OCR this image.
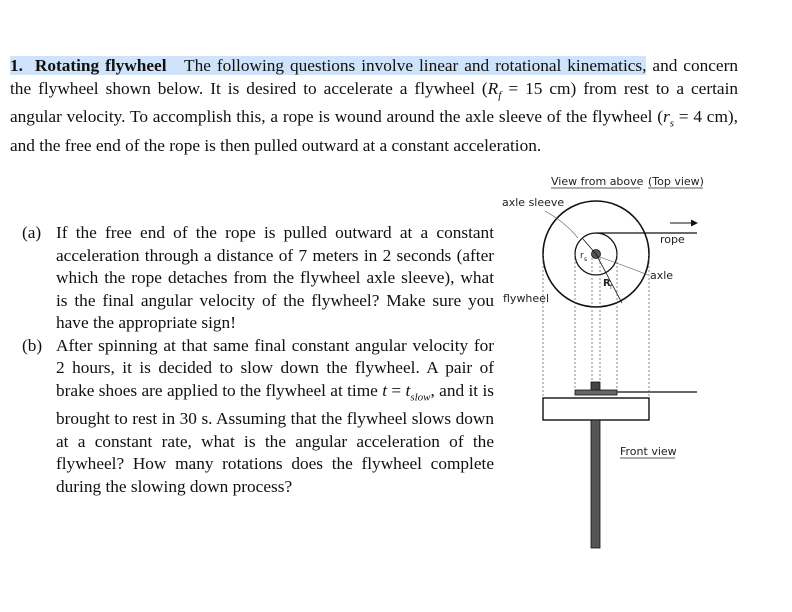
1. Rotating flywheel The following questions involve linear and rotational kinematics, and concern the flywheel shown below. It is desired to accelerate a flywheel ($R_f = 15$ cm) from rest to a certain angular velocity. To accomplish this, a rope is wound around the axle sleeve of the flywheel ($r_s = 4$ cm), and the free end of the rope is then pulled outward at a constant acceleration.
(a) If the free end of the rope is pulled outward at a constant acceleration through a distance of 7 meters in 2 seconds (after which the rope detaches from the flywheel axle sleeve), what is the final angular velocity of the flywheel? Make sure you have the appropriate sign!
(b) After spinning at that same final constant angular velocity for 2 hours, it is decided to slow down the flywheel. A pair of brake shoes are applied to the flywheel at time $t = t_{slow}$, and it is brought to rest in 30 s. Assuming that the flywheel slows down at a constant rate, what is the angular acceleration of the flywheel? How many rotations does the flywheel complete during the slowing down process?
View from above (Top view)
rope
r s
R f
axle sleeve
axle
flywheel
Front view
